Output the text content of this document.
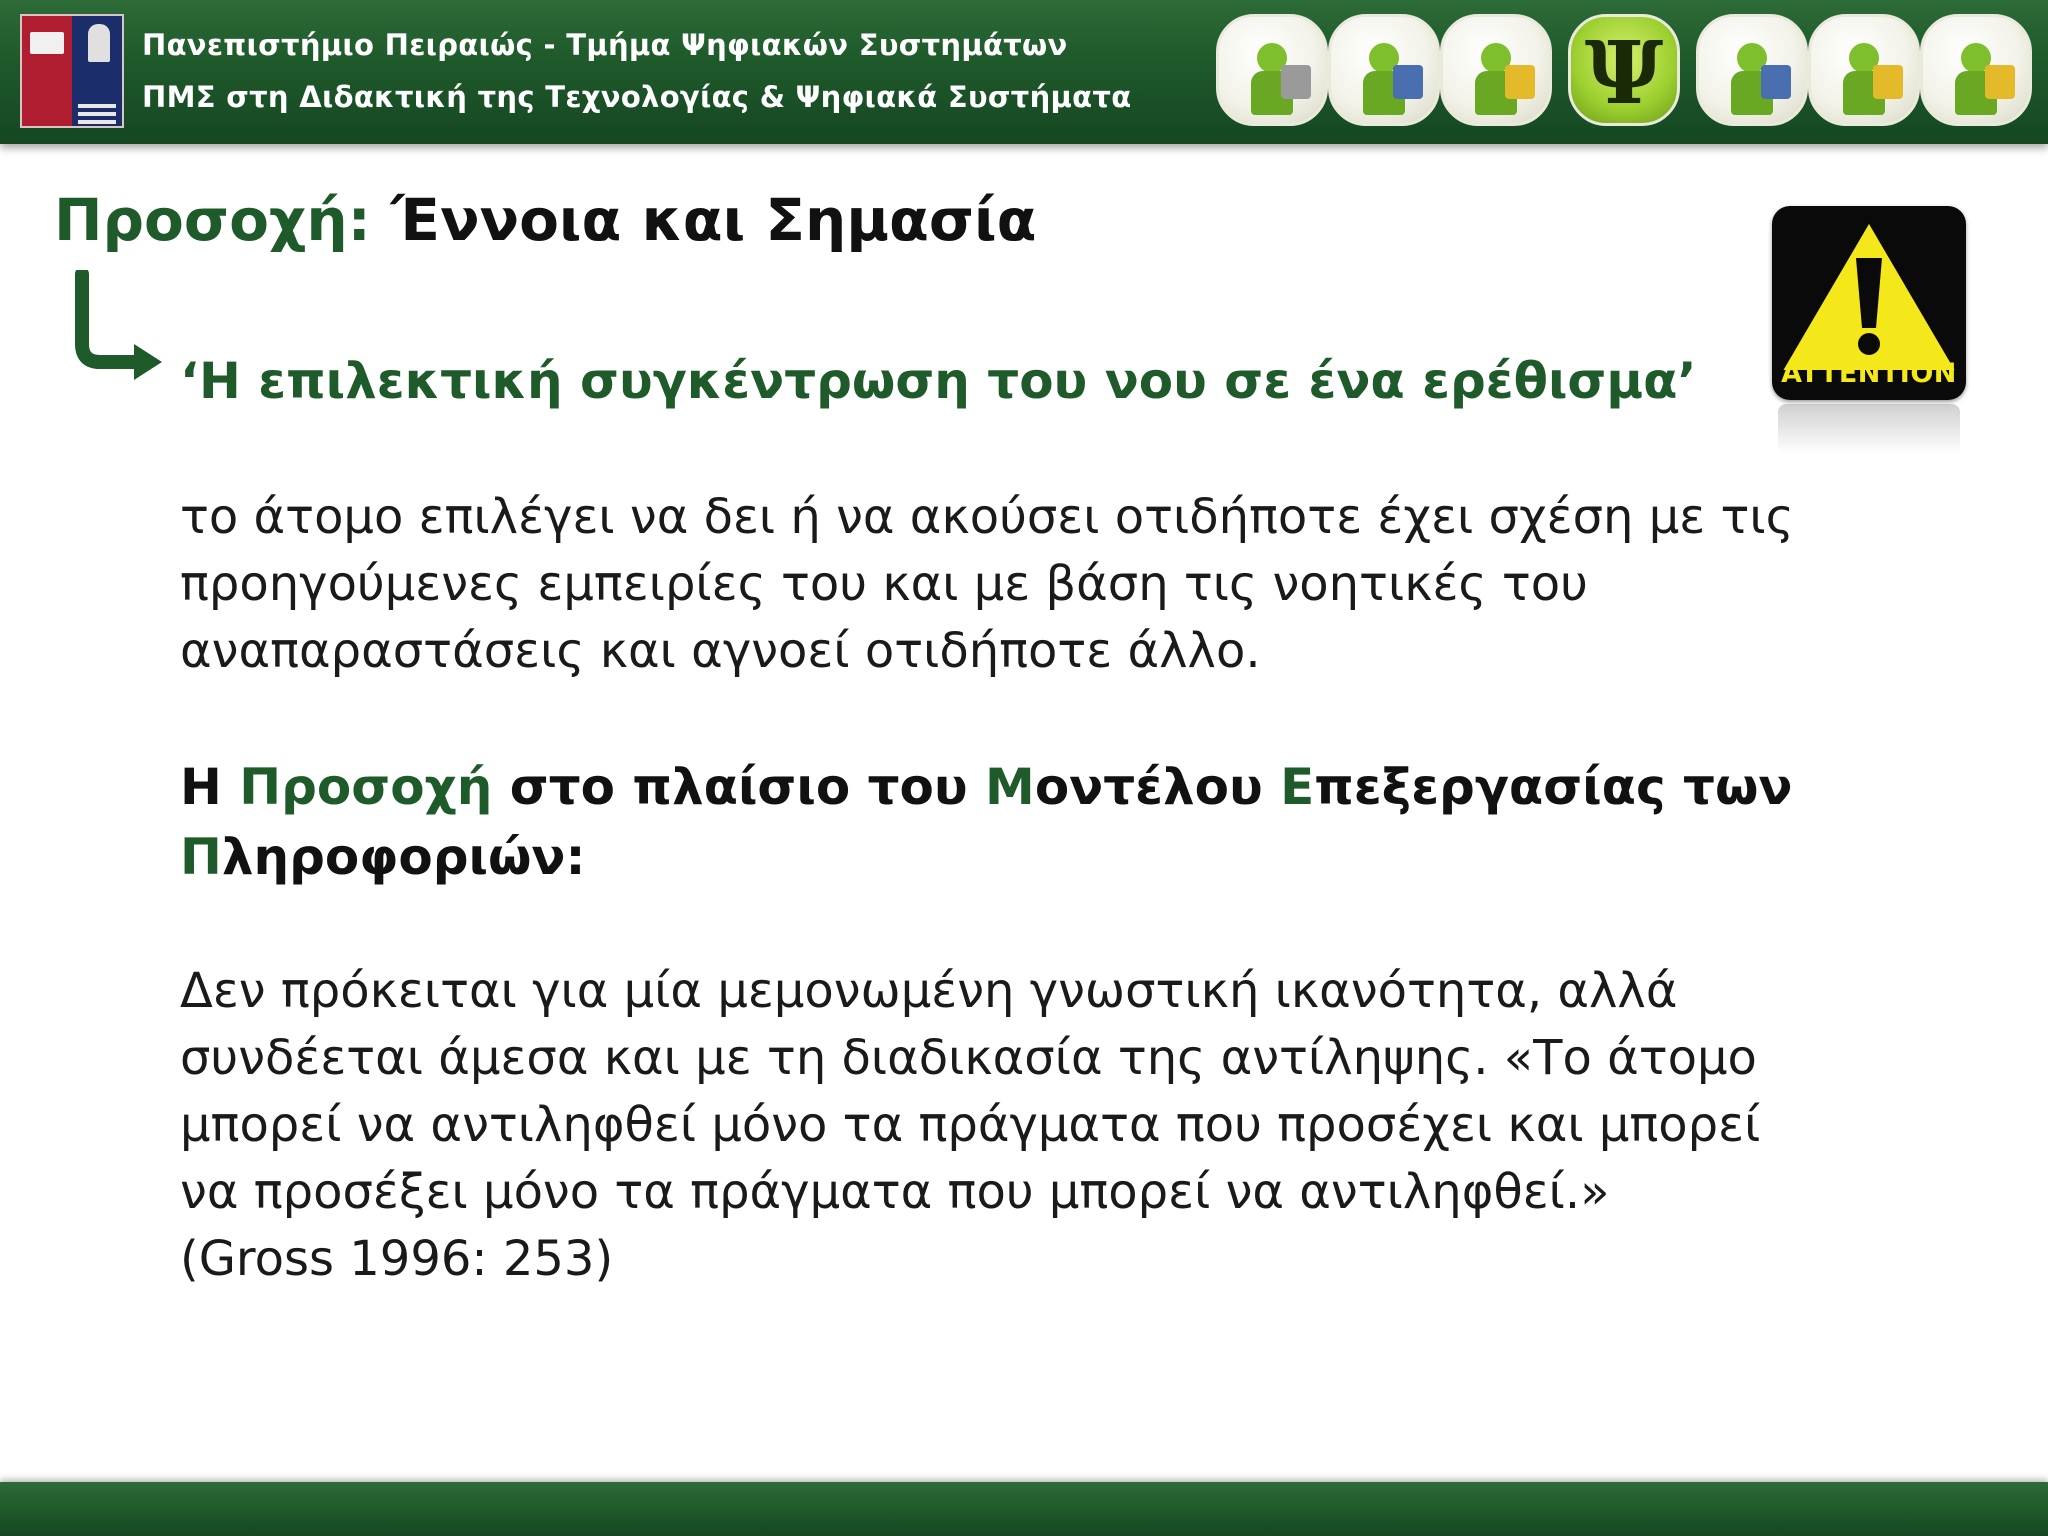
Πανεπιστήμιο Πειραιώς - Τμήμα Ψηφιακών Συστημάτων
ΠΜΣ στη Διδακτική της Τεχνολογίας & Ψηφιακά Συστήματα	Ψ
Προσοχή: Έννοια και Σημασία
‘Η επιλεκτική συγκέντρωση του νου σε ένα ερέθισμα’	ATTENTION
το άτομο επιλέγει να δει ή να ακούσει οτιδήποτε έχει σχέση με τις
προηγούμενες εμπειρίες του και με βάση τις νοητικές του
αναπαραστάσεις και αγνοεί οτιδήποτε άλλο.
Η Προσοχή στο πλαίσιο του Μοντέλου Επεξεργασίας των
Πληροφοριών:
Δεν πρόκειται για μία μεμονωμένη γνωστική ικανότητα, αλλά
συνδέεται άμεσα και με τη διαδικασία της αντίληψης. «Το άτομο
μπορεί να αντιληφθεί μόνο τα πράγματα που προσέχει και μπορεί
να προσέξει μόνο τα πράγματα που μπορεί να αντιληφθεί.»
(Gross 1996: 253)
